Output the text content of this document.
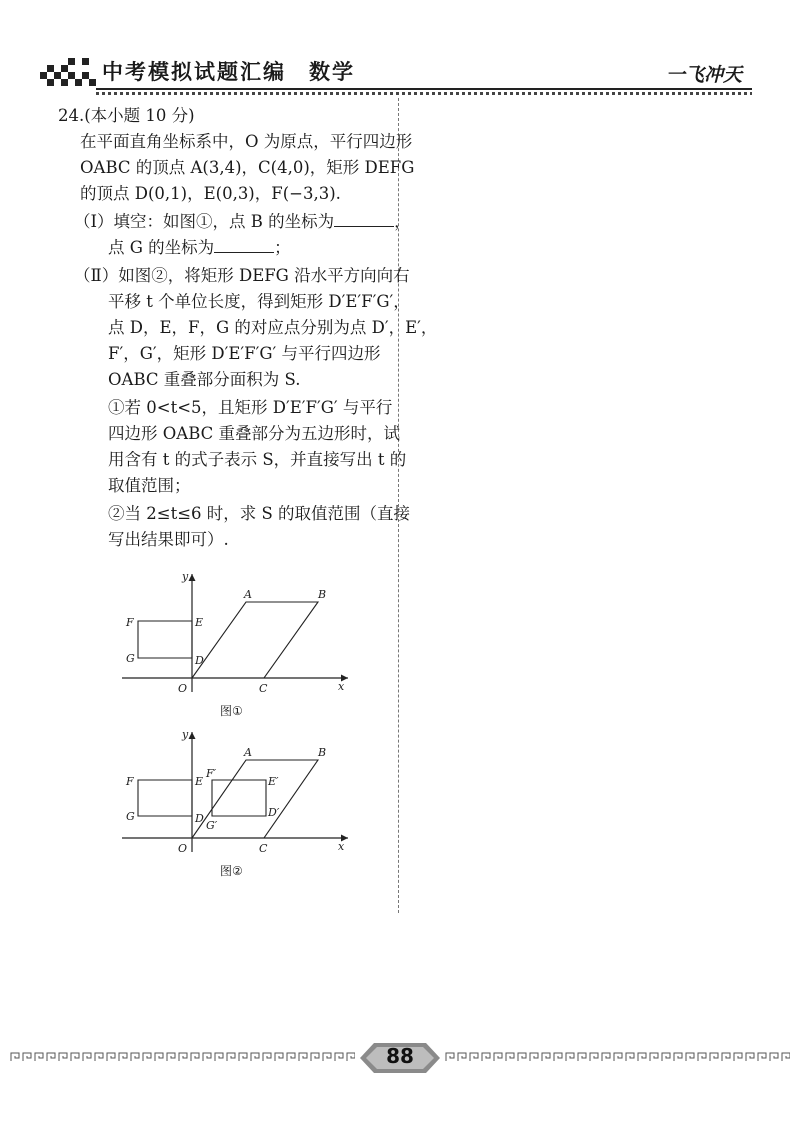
中考模拟试题汇编　数学	一飞冲天
24.(本小题 10 分)
在平面直角坐标系中，O 为原点，平行四边形
OABC 的顶点 A(3,4)，C(4,0)，矩形 DEFG
的顶点 D(0,1)，E(0,3)，F(−3,3).
（Ⅰ）填空：如图①，点 B 的坐标为	，
点 G 的坐标为	；
（Ⅱ）如图②，将矩形 DEFG 沿水平方向向右
平移 t 个单位长度，得到矩形 D′E′F′G′，
点 D，E，F，G 的对应点分别为点 D′，E′，
F′，G′，矩形 D′E′F′G′ 与平行四边形
OABC 重叠部分面积为 S.
①若 0<t<5，且矩形 D′E′F′G′ 与平行
四边形 OABC 重叠部分为五边形时，试
用含有 t 的式子表示 S，并直接写出 t 的
取值范围；
②当 2≤t≤6 时，求 S 的取值范围（直接
写出结果即可）.
y
x
O
A	B
C
D
E
F
G
图①
y
x
O
A	B
C
D
E
F
G
F′
E′
D′
G′
图②
88
